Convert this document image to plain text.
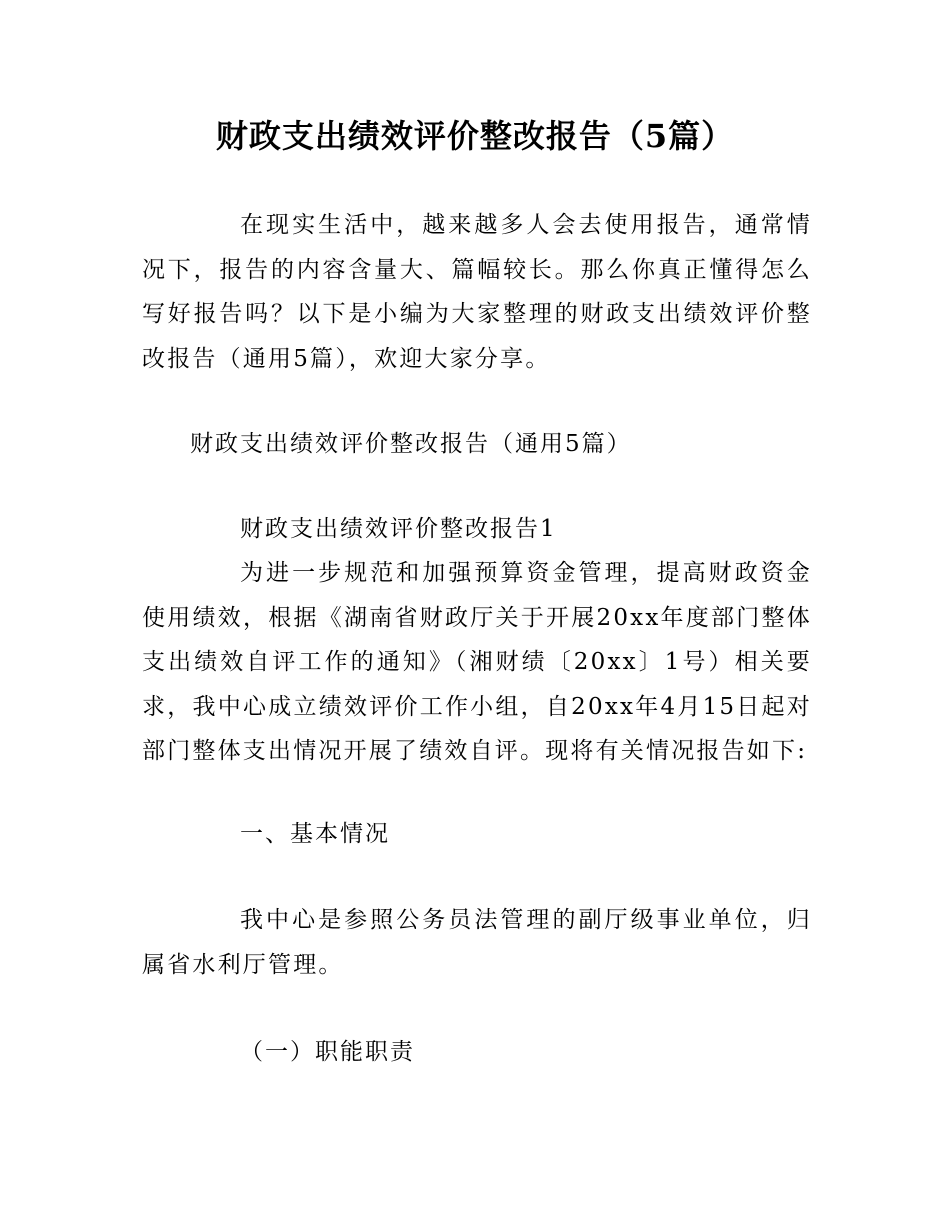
财政支出绩效评价整改报告（5篇）

在现实生活中，越来越多人会去使用报告，通常情况下，报告的内容含量大、篇幅较长。那么你真正懂得怎么写好报告吗？以下是小编为大家整理的财政支出绩效评价整改报告（通用5篇），欢迎大家分享。

财政支出绩效评价整改报告（通用5篇）

财政支出绩效评价整改报告1

为进一步规范和加强预算资金管理，提高财政资金使用绩效，根据《湖南省财政厅关于开展20xx年度部门整体支出绩效自评工作的通知》（湘财绩〔20xx〕1号）相关要求，我中心成立绩效评价工作小组，自20xx年4月15日起对部门整体支出情况开展了绩效自评。现将有关情况报告如下:

一、基本情况

我中心是参照公务员法管理的副厅级事业单位，归属省水利厅管理。

（一）职能职责
